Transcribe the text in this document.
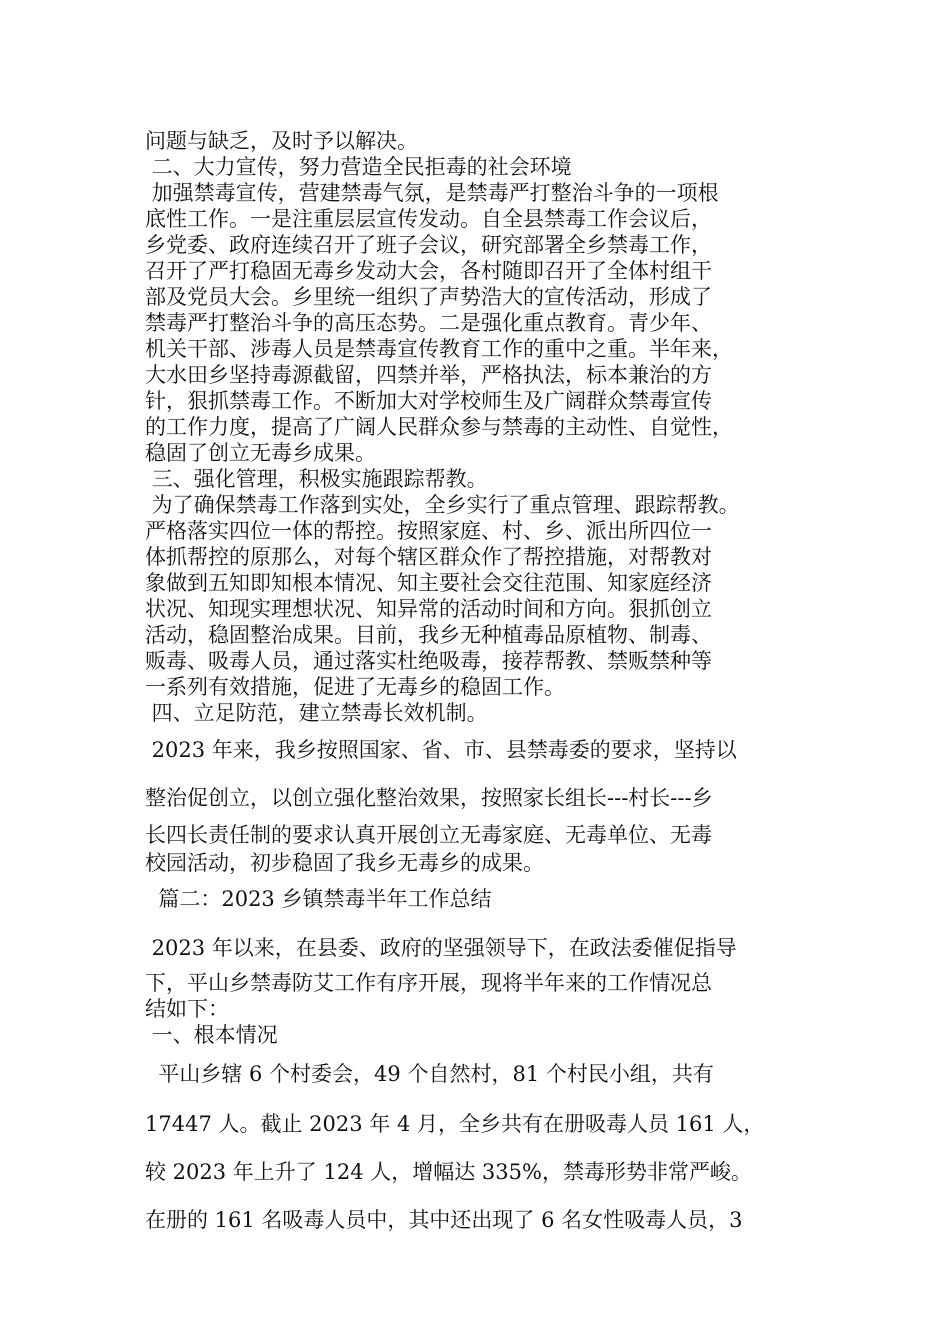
问题与缺乏，及时予以解决。
二、大力宣传，努力营造全民拒毒的社会环境
加强禁毒宣传，营建禁毒气氛，是禁毒严打整治斗争的一项根
底性工作。一是注重层层宣传发动。自全县禁毒工作会议后，
乡党委、政府连续召开了班子会议，研究部署全乡禁毒工作，
召开了严打稳固无毒乡发动大会，各村随即召开了全体村组干
部及党员大会。乡里统一组织了声势浩大的宣传活动，形成了
禁毒严打整治斗争的高压态势。二是强化重点教育。青少年、
机关干部、涉毒人员是禁毒宣传教育工作的重中之重。半年来，
大水田乡坚持毒源截留，四禁并举，严格执法，标本兼治的方
针，狠抓禁毒工作。不断加大对学校师生及广阔群众禁毒宣传
的工作力度，提高了广阔人民群众参与禁毒的主动性、自觉性，
稳固了创立无毒乡成果。
三、强化管理，积极实施跟踪帮教。
为了确保禁毒工作落到实处，全乡实行了重点管理、跟踪帮教。
严格落实四位一体的帮控。按照家庭、村、乡、派出所四位一
体抓帮控的原那么，对每个辖区群众作了帮控措施，对帮教对
象做到五知即知根本情况、知主要社会交往范围、知家庭经济
状况、知现实理想状况、知异常的活动时间和方向。狠抓创立
活动，稳固整治成果。目前，我乡无种植毒品原植物、制毒、
贩毒、吸毒人员，通过落实杜绝吸毒，接荐帮教、禁贩禁种等
一系列有效措施，促进了无毒乡的稳固工作。
四、立足防范，建立禁毒长效机制。
2023 年来，我乡按照国家、省、市、县禁毒委的要求，坚持以
整治促创立，以创立强化整治效果，按照家长组长---村长---乡
长四长责任制的要求认真开展创立无毒家庭、无毒单位、无毒
校园活动，初步稳固了我乡无毒乡的成果。
篇二：2023 乡镇禁毒半年工作总结
2023 年以来，在县委、政府的坚强领导下，在政法委催促指导
下，平山乡禁毒防艾工作有序开展，现将半年来的工作情况总
结如下：
一、根本情况
平山乡辖 6 个村委会，49 个自然村，81 个村民小组，共有
17447 人。截止 2023 年 4 月，全乡共有在册吸毒人员 161 人，
较 2023 年上升了 124 人，增幅达 335%，禁毒形势非常严峻。
在册的 161 名吸毒人员中，其中还出现了 6 名女性吸毒人员，3
